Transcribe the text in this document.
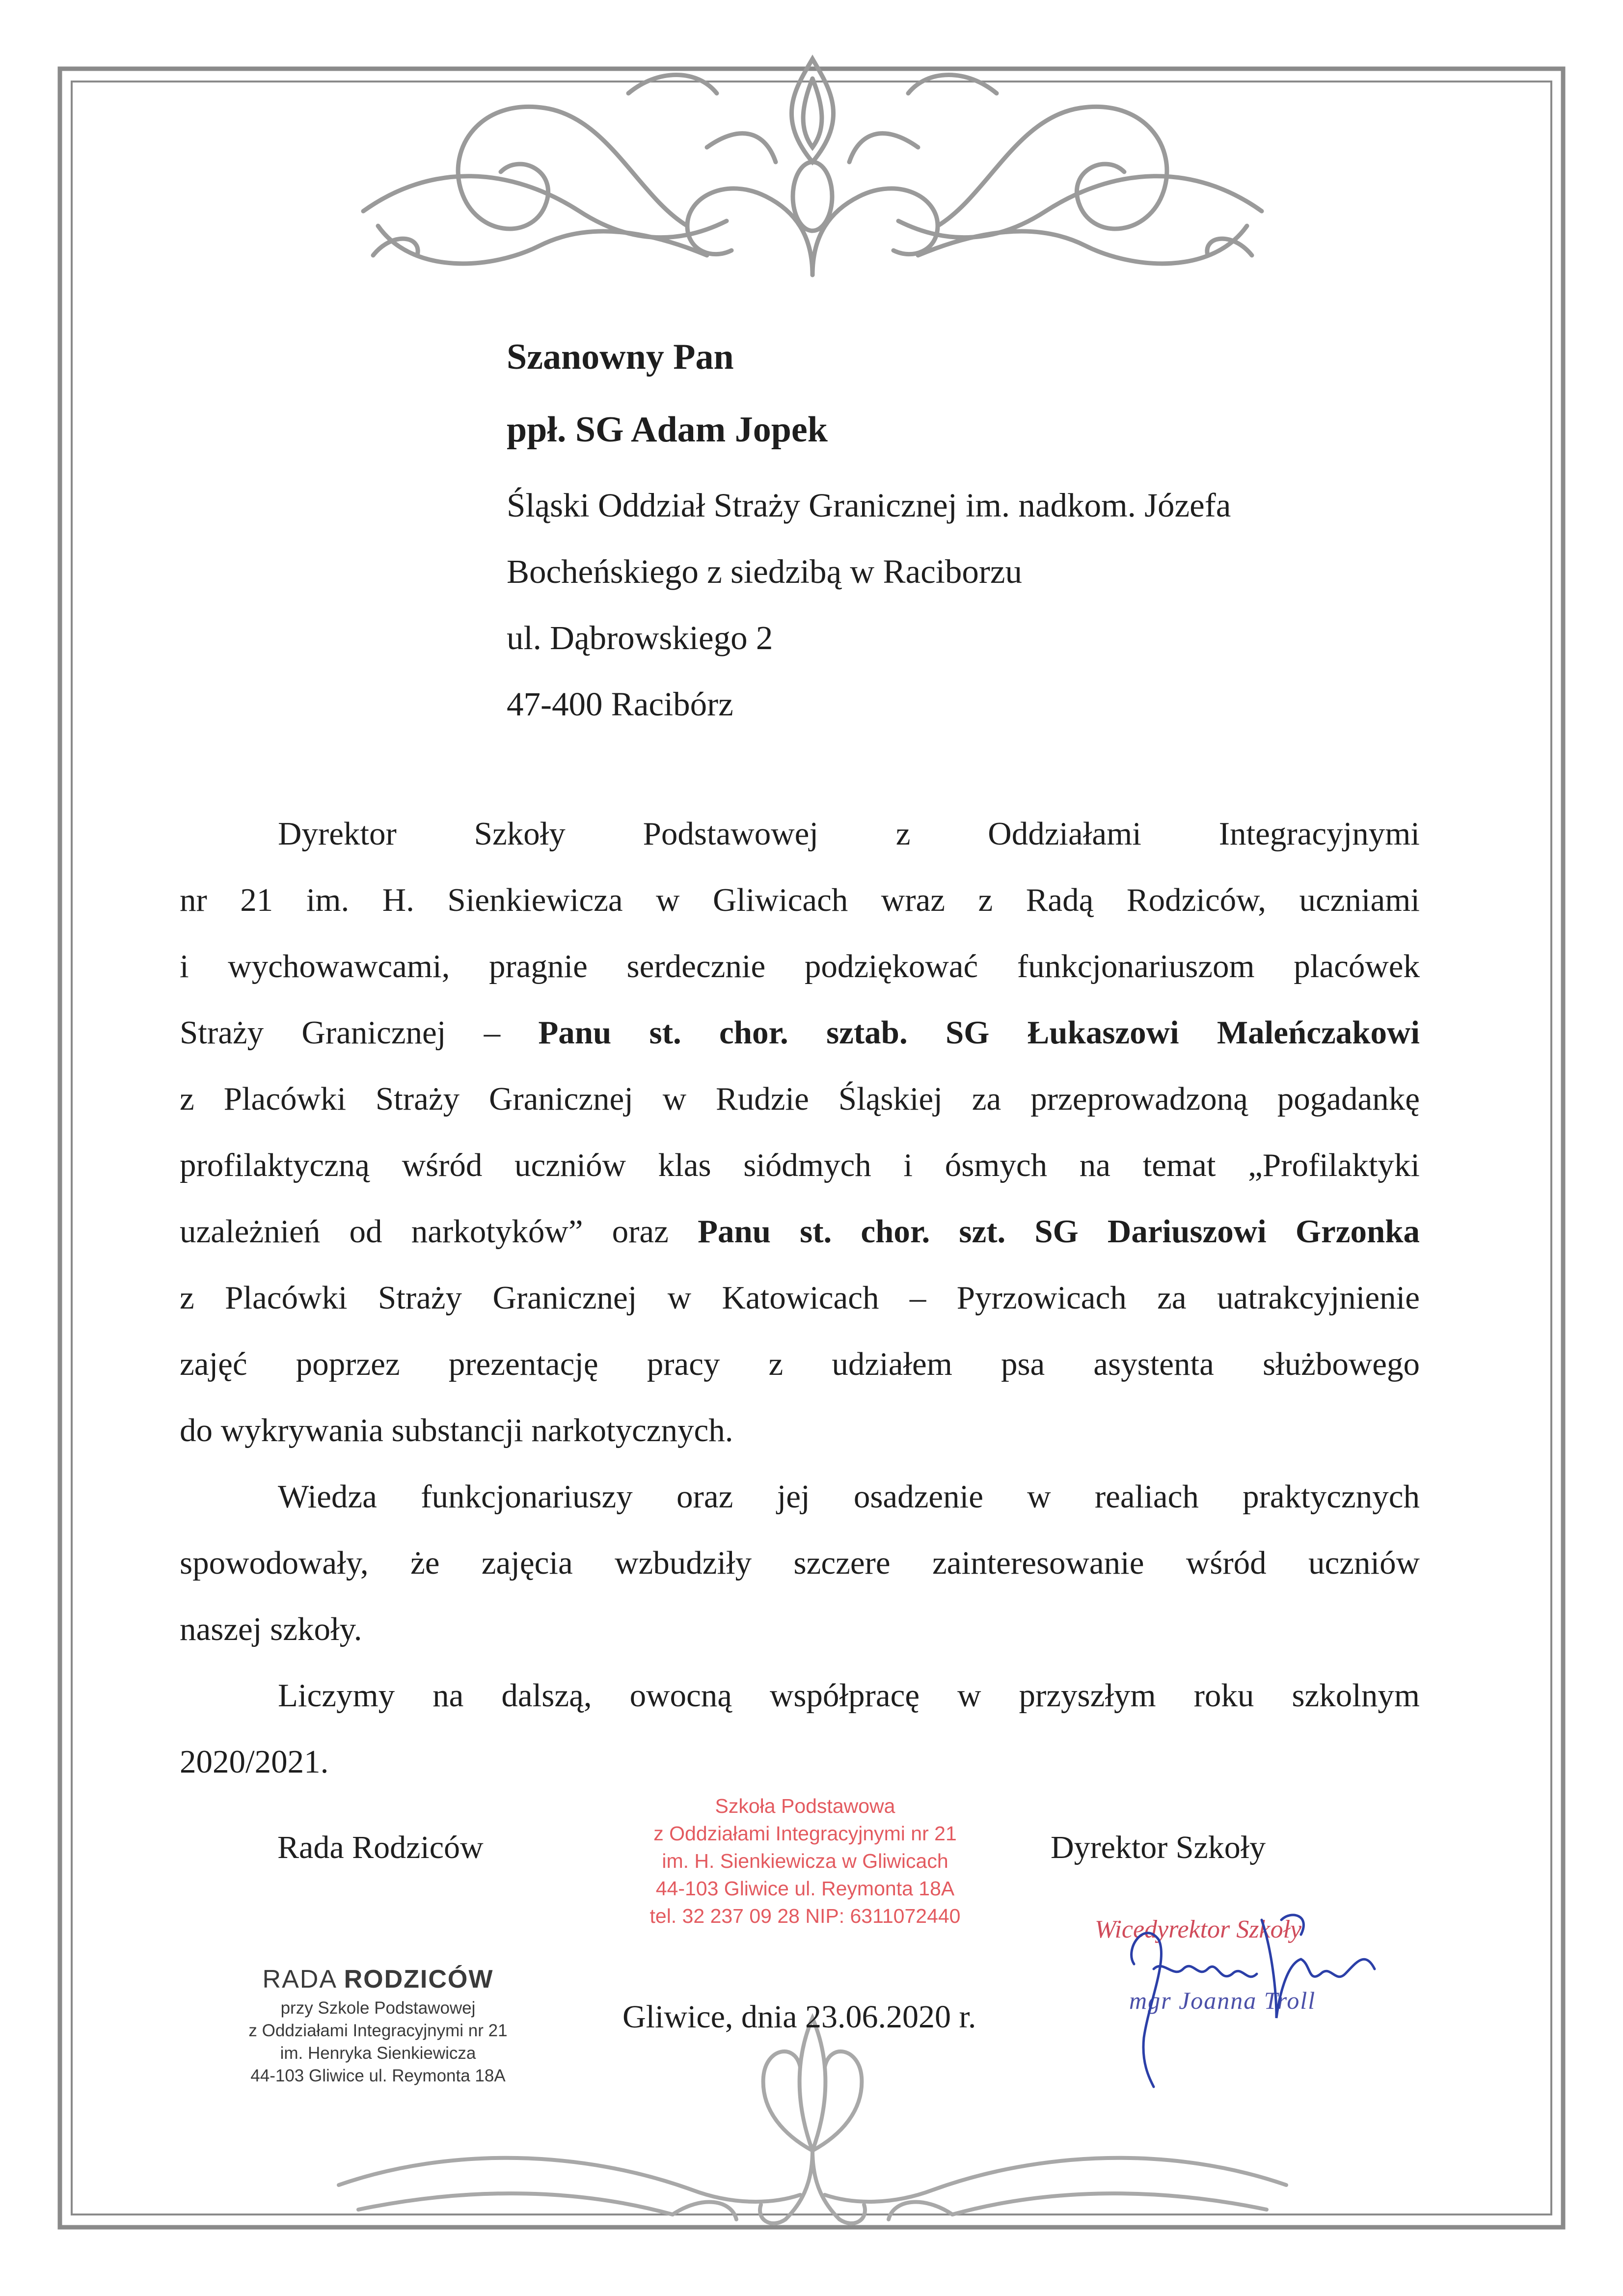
Szanowny Pan
ppł. SG Adam Jopek
Śląski Oddział Straży Granicznej im. nadkom. Józefa
Bocheńskiego z siedzibą w Raciborzu
ul. Dąbrowskiego 2
47-400 Racibórz
Dyrektor Szkoły Podstawowej z Oddziałami Integracyjnymi
nr 21 im. H. Sienkiewicza w Gliwicach wraz z Radą Rodziców, uczniami
i wychowawcami, pragnie serdecznie podziękować funkcjonariuszom placówek
Straży Granicznej – Panu st. chor. sztab. SG Łukaszowi Maleńczakowi
z Placówki Straży Granicznej w Rudzie Śląskiej za przeprowadzoną pogadankę
profilaktyczną wśród uczniów klas siódmych i ósmych na temat „Profilaktyki
uzależnień od narkotyków” oraz Panu st. chor. szt. SG Dariuszowi Grzonka
z Placówki Straży Granicznej w Katowicach – Pyrzowicach za uatrakcyjnienie
zajęć poprzez prezentację pracy z udziałem psa asystenta służbowego
do wykrywania substancji narkotycznych.
Wiedza funkcjonariuszy oraz jej osadzenie w realiach praktycznych
spowodowały, że zajęcia wzbudziły szczere zainteresowanie wśród uczniów
naszej szkoły.
Liczymy na dalszą, owocną współpracę w przyszłym roku szkolnym
2020/2021.
Rada Rodziców	Dyrektor Szkoły
Gliwice, dnia 23.06.2020 r.
Szkoła Podstawowa
z Oddziałami Integracyjnymi nr 21
im. H. Sienkiewicza w Gliwicach
44-103 Gliwice ul. Reymonta 18A
tel. 32 237 09 28 NIP: 6311072440
RADA RODZICÓW
przy Szkole Podstawowej
z Oddziałami Integracyjnymi nr 21
im. Henryka Sienkiewicza
44-103 Gliwice ul. Reymonta 18A
Wicedyrektor Szkoły
mgr Joanna Troll
